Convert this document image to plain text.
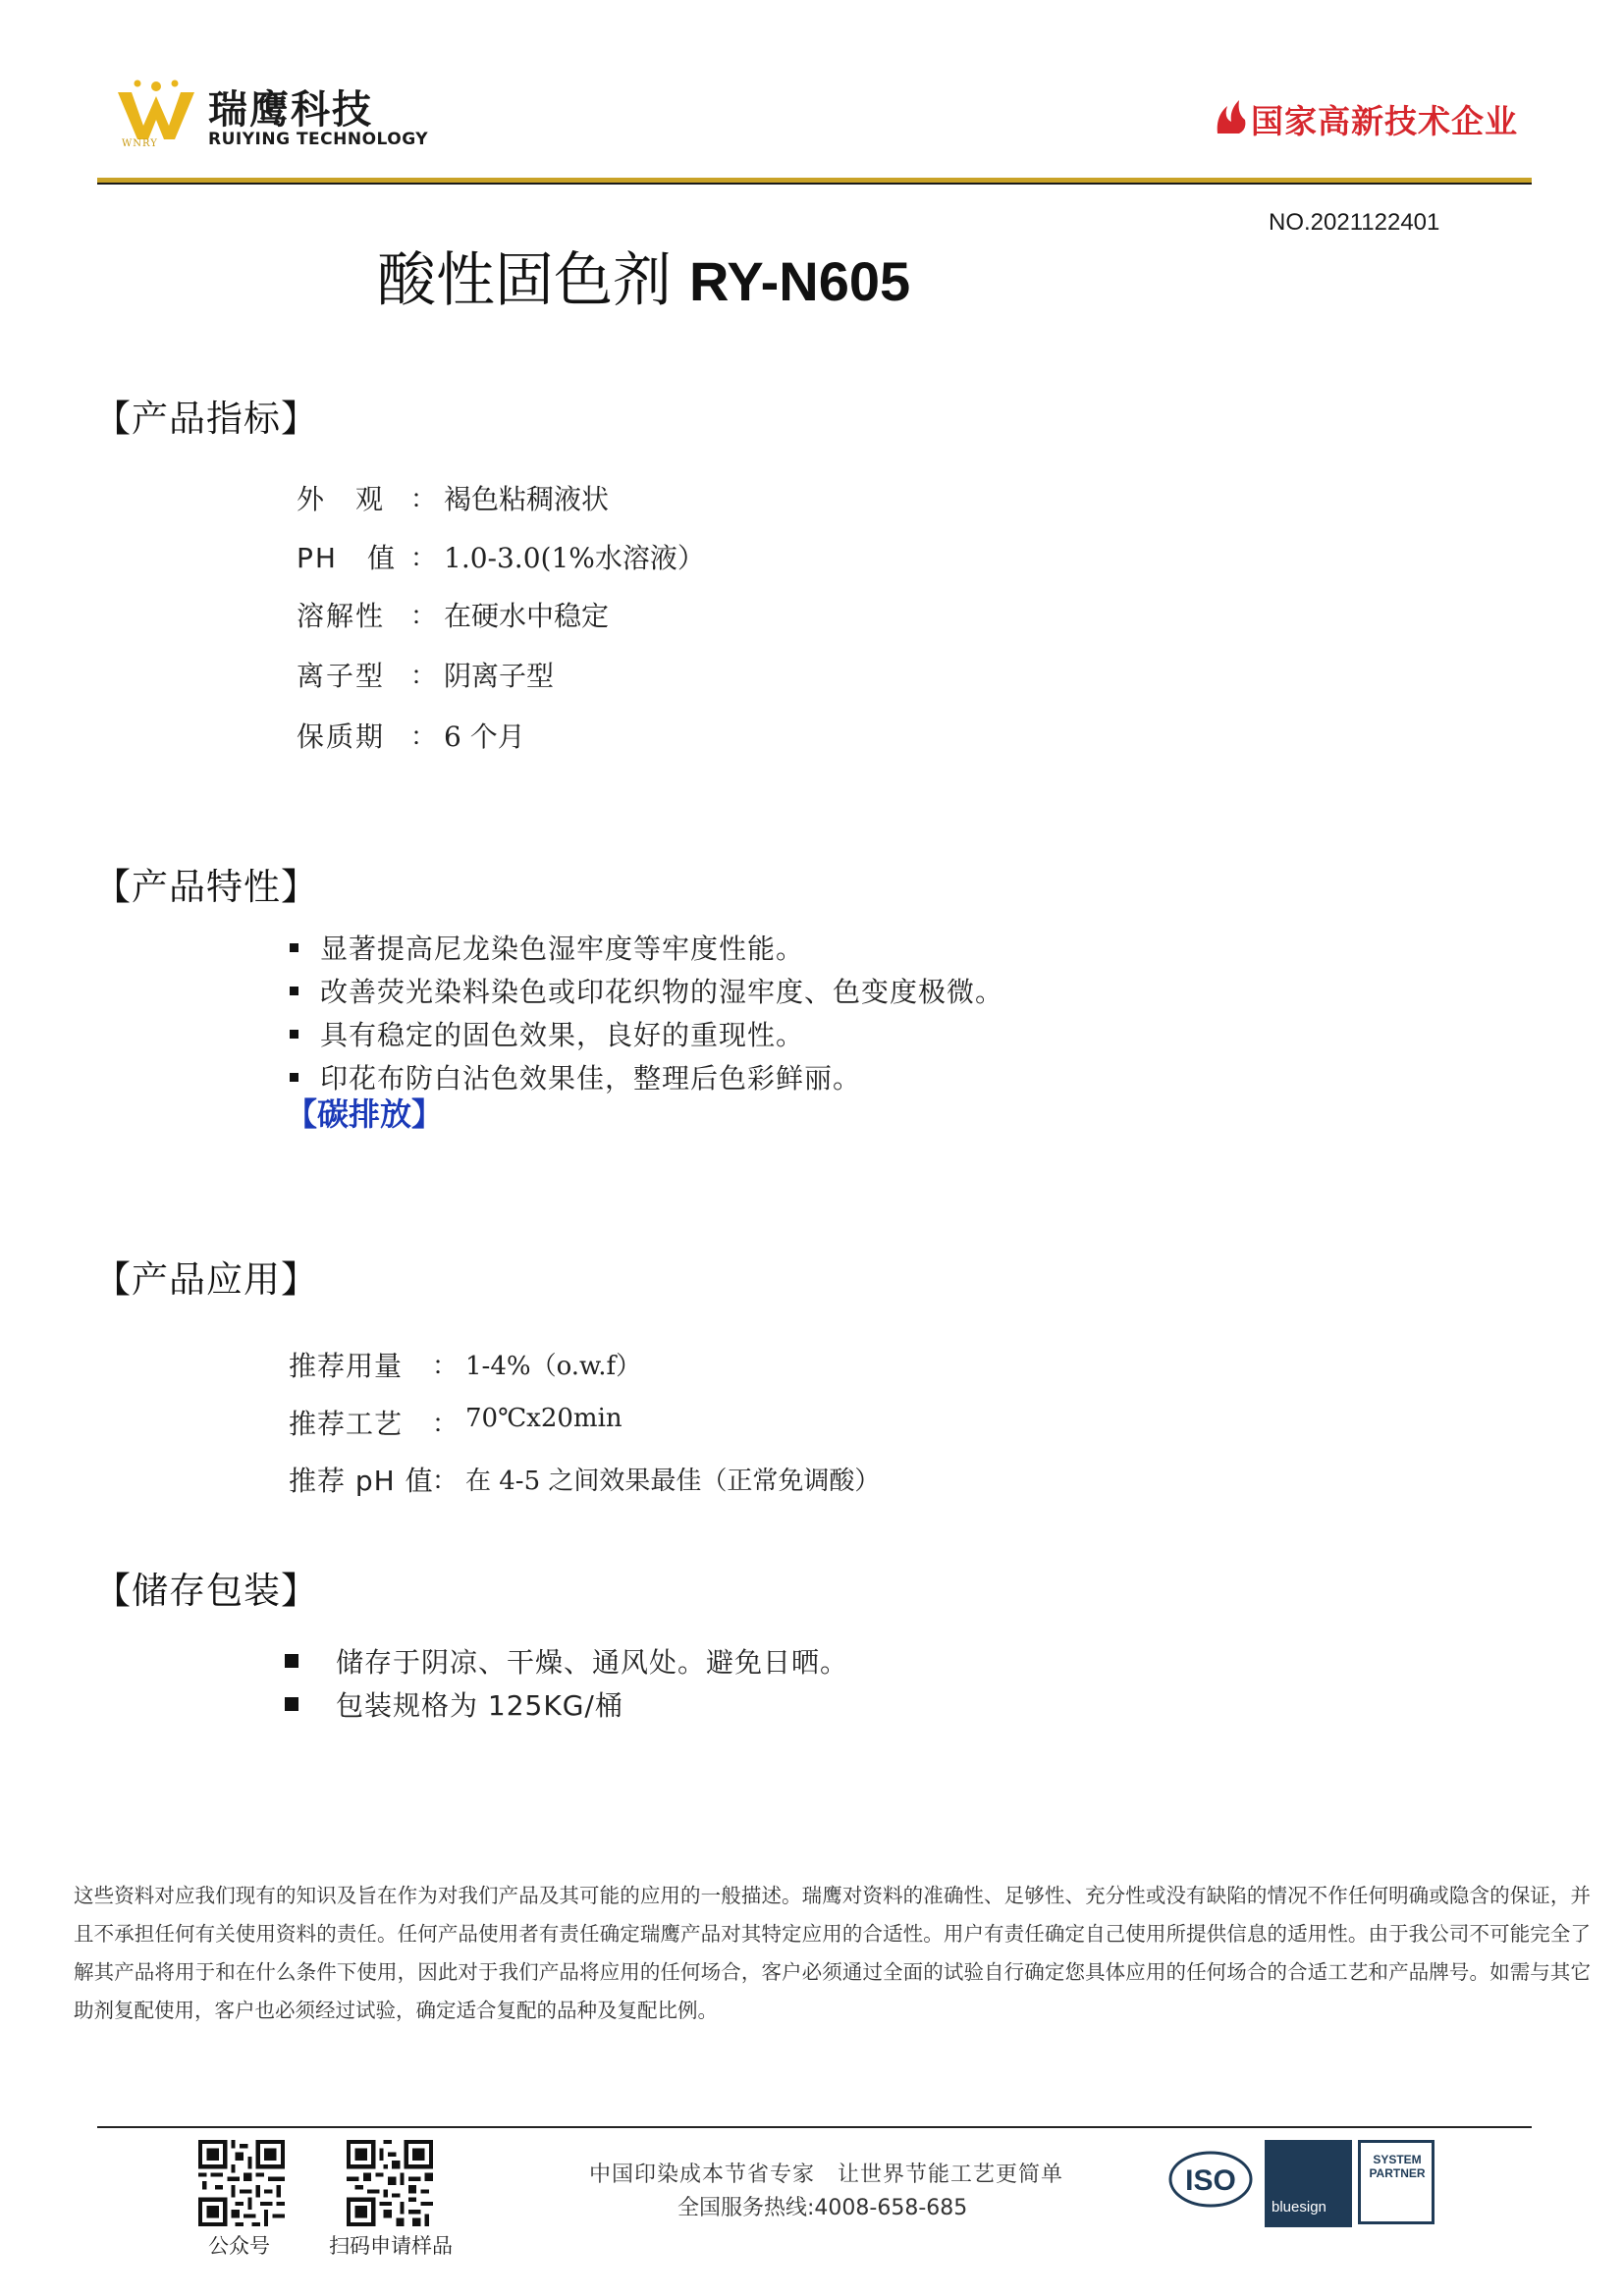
瑞鹰科技
RUIYING TECHNOLOGY
WNRY
国家高新技术企业
NO.2021122401
酸性固色剂 RY-N605
【产品指标】
外　观 ： 褐色粘稠液状
PH　值 ： 1.0-3.0(1%水溶液）
溶解性 ： 在硬水中稳定
离子型 ： 阴离子型
保质期 ： 6 个月
【产品特性】
显著提高尼龙染色湿牢度等牢度性能。
改善荧光染料染色或印花织物的湿牢度、色变度极微。
具有稳定的固色效果，良好的重现性。
印花布防白沾色效果佳，整理后色彩鲜丽。
【碳排放】
【产品应用】
推荐用量 ： 1-4%（o.w.f）
推荐工艺 ： 70℃x20min
推荐 pH 值
： 在 4-5 之间效果最佳（正常免调酸）
【储存包装】
储存于阴凉、干燥、通风处。避免日晒。
包装规格为 125KG/桶
这些资料对应我们现有的知识及旨在作为对我们产品及其可能的应用的一般描述。瑞鹰对资料的准确性、足够性、充分性或没有缺陷的情况不作任何明确或隐含的保证，并且不承担任何有关使用资料的责任。任何产品使用者有责任确定瑞鹰产品对其特定应用的合适性。用户有责任确定自己使用所提供信息的适用性。由于我公司不可能完全了解其产品将用于和在什么条件下使用，因此对于我们产品将应用的任何场合，客户必须通过全面的试验自行确定您具体应用的任何场合的合适工艺和产品牌号。如需与其它助剂复配使用，客户也必须经过试验，确定适合复配的品种及复配比例。
公众号	扫码申请样品
中国印染成本节省专家　让世界节能工艺更简单
全国服务热线:4008-658-685
ISO
bluesign
SYSTEM PARTNER
